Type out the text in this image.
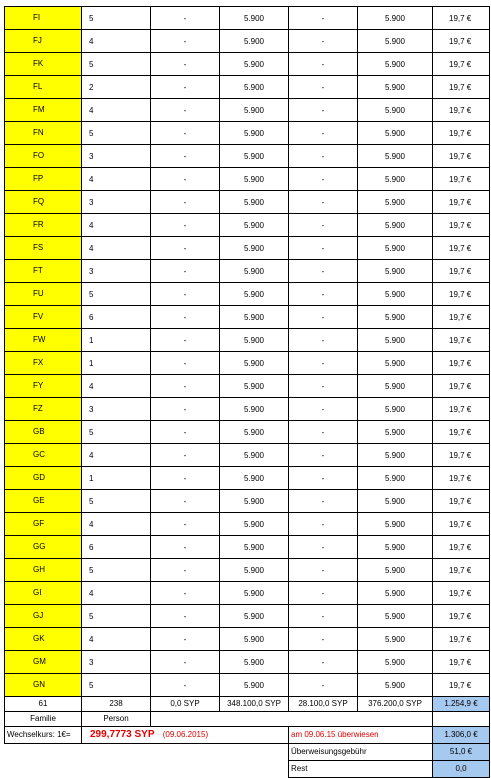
FI	5	-	5.900	-	5.900	19,7 €
FJ	4	-	5.900	-	5.900	19,7 €
FK	5	-	5.900	-	5.900	19,7 €
FL	2	-	5.900	-	5.900	19,7 €
FM	4	-	5.900	-	5.900	19,7 €
FN	5	-	5.900	-	5.900	19,7 €
FO	3	-	5.900	-	5.900	19,7 €
FP	4	-	5.900	-	5.900	19,7 €
FQ	3	-	5.900	-	5.900	19,7 €
FR	4	-	5.900	-	5.900	19,7 €
FS	4	-	5.900	-	5.900	19,7 €
FT	3	-	5.900	-	5.900	19,7 €
FU	5	-	5.900	-	5.900	19,7 €
FV	6	-	5.900	-	5.900	19,7 €
FW	1	-	5.900	-	5.900	19,7 €
FX	1	-	5.900	-	5.900	19,7 €
FY	4	-	5.900	-	5.900	19,7 €
FZ	3	-	5.900	-	5.900	19,7 €
GB	5	-	5.900	-	5.900	19,7 €
GC	4	-	5.900	-	5.900	19,7 €
GD	1	-	5.900	-	5.900	19,7 €
GE	5	-	5.900	-	5.900	19,7 €
GF	4	-	5.900	-	5.900	19,7 €
GG	6	-	5.900	-	5.900	19,7 €
GH	5	-	5.900	-	5.900	19,7 €
GI	4	-	5.900	-	5.900	19,7 €
GJ	5	-	5.900	-	5.900	19,7 €
GK	4	-	5.900	-	5.900	19,7 €
GM	3	-	5.900	-	5.900	19,7 €
GN	5	-	5.900	-	5.900	19,7 €
61	238	0,0 SYP	348.100,0 SYP	28.100,0 SYP	376.200,0 SYP	1.254,9 €
Familie	Person					
Wechselkurs: 1€=	299,7773 SYP (09.06.2015)			am 09.06.15 überwiesen		1.306,0 €
				Überweisungsgebühr		51,0 €
				Rest		0,0
